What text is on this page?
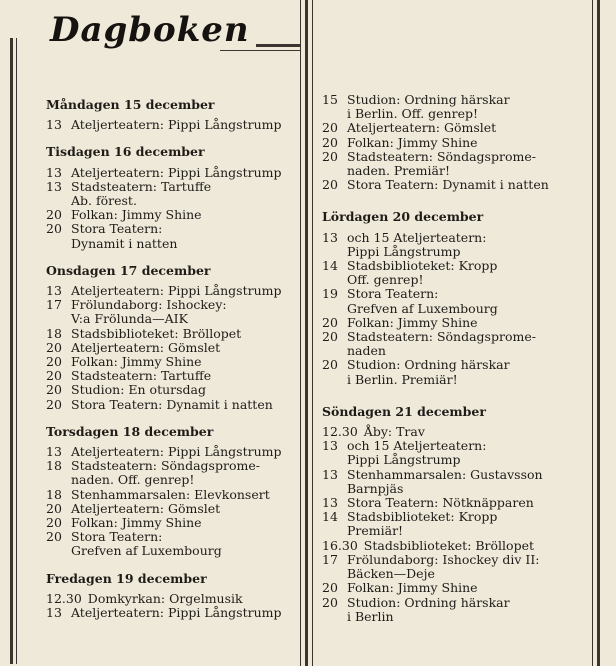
Dagboken
Måndagen 15 december
13 Ateljerteatern: Pippi Långstrump
Tisdagen 16 december
13 Ateljerteatern: Pippi Långstrump
13 Stadsteatern: Tartuffe
Ab. förest.
20 Folkan: Jimmy Shine
20 Stora Teatern:
Dynamit i natten
Onsdagen 17 december
13 Ateljerteatern: Pippi Långstrump
17 Frölundaborg: Ishockey:
V:a Frölunda—AIK
18 Stadsbiblioteket: Bröllopet
20 Ateljerteatern: Gömslet
20 Folkan: Jimmy Shine
20 Stadsteatern: Tartuffe
20 Studion: En otursdag
20 Stora Teatern: Dynamit i natten
Torsdagen 18 december
13 Ateljerteatern: Pippi Långstrump
18 Stadsteatern: Söndagsprome-
naden. Off. genrep!
18 Stenhammarsalen: Elevkonsert
20 Ateljerteatern: Gömslet
20 Folkan: Jimmy Shine
20 Stora Teatern:
Grefven af Luxembourg
Fredagen 19 december
12.30 Domkyrkan: Orgelmusik
13 Ateljerteatern: Pippi Långstrump
15 Studion: Ordning härskar
i Berlin. Off. genrep!
20 Ateljerteatern: Gömslet
20 Folkan: Jimmy Shine
20 Stadsteatern: Söndagsprome-
naden. Premiär!
20 Stora Teatern: Dynamit i natten
Lördagen 20 december
13 och 15 Ateljerteatern:
Pippi Långstrump
14 Stadsbiblioteket: Kropp
Off. genrep!
19 Stora Teatern:
Grefven af Luxembourg
20 Folkan: Jimmy Shine
20 Stadsteatern: Söndagsprome-
naden
20 Studion: Ordning härskar
i Berlin. Premiär!
Söndagen 21 december
12.30 Åby: Trav
13 och 15 Ateljerteatern:
Pippi Långstrump
13 Stenhammarsalen: Gustavsson
Barnpjäs
13 Stora Teatern: Nötknäpparen
14 Stadsbiblioteket: Kropp
Premiär!
16.30 Stadsbiblioteket: Bröllopet
17 Frölundaborg: Ishockey div II:
Bäcken—Deje
20 Folkan: Jimmy Shine
20 Studion: Ordning härskar
i Berlin
